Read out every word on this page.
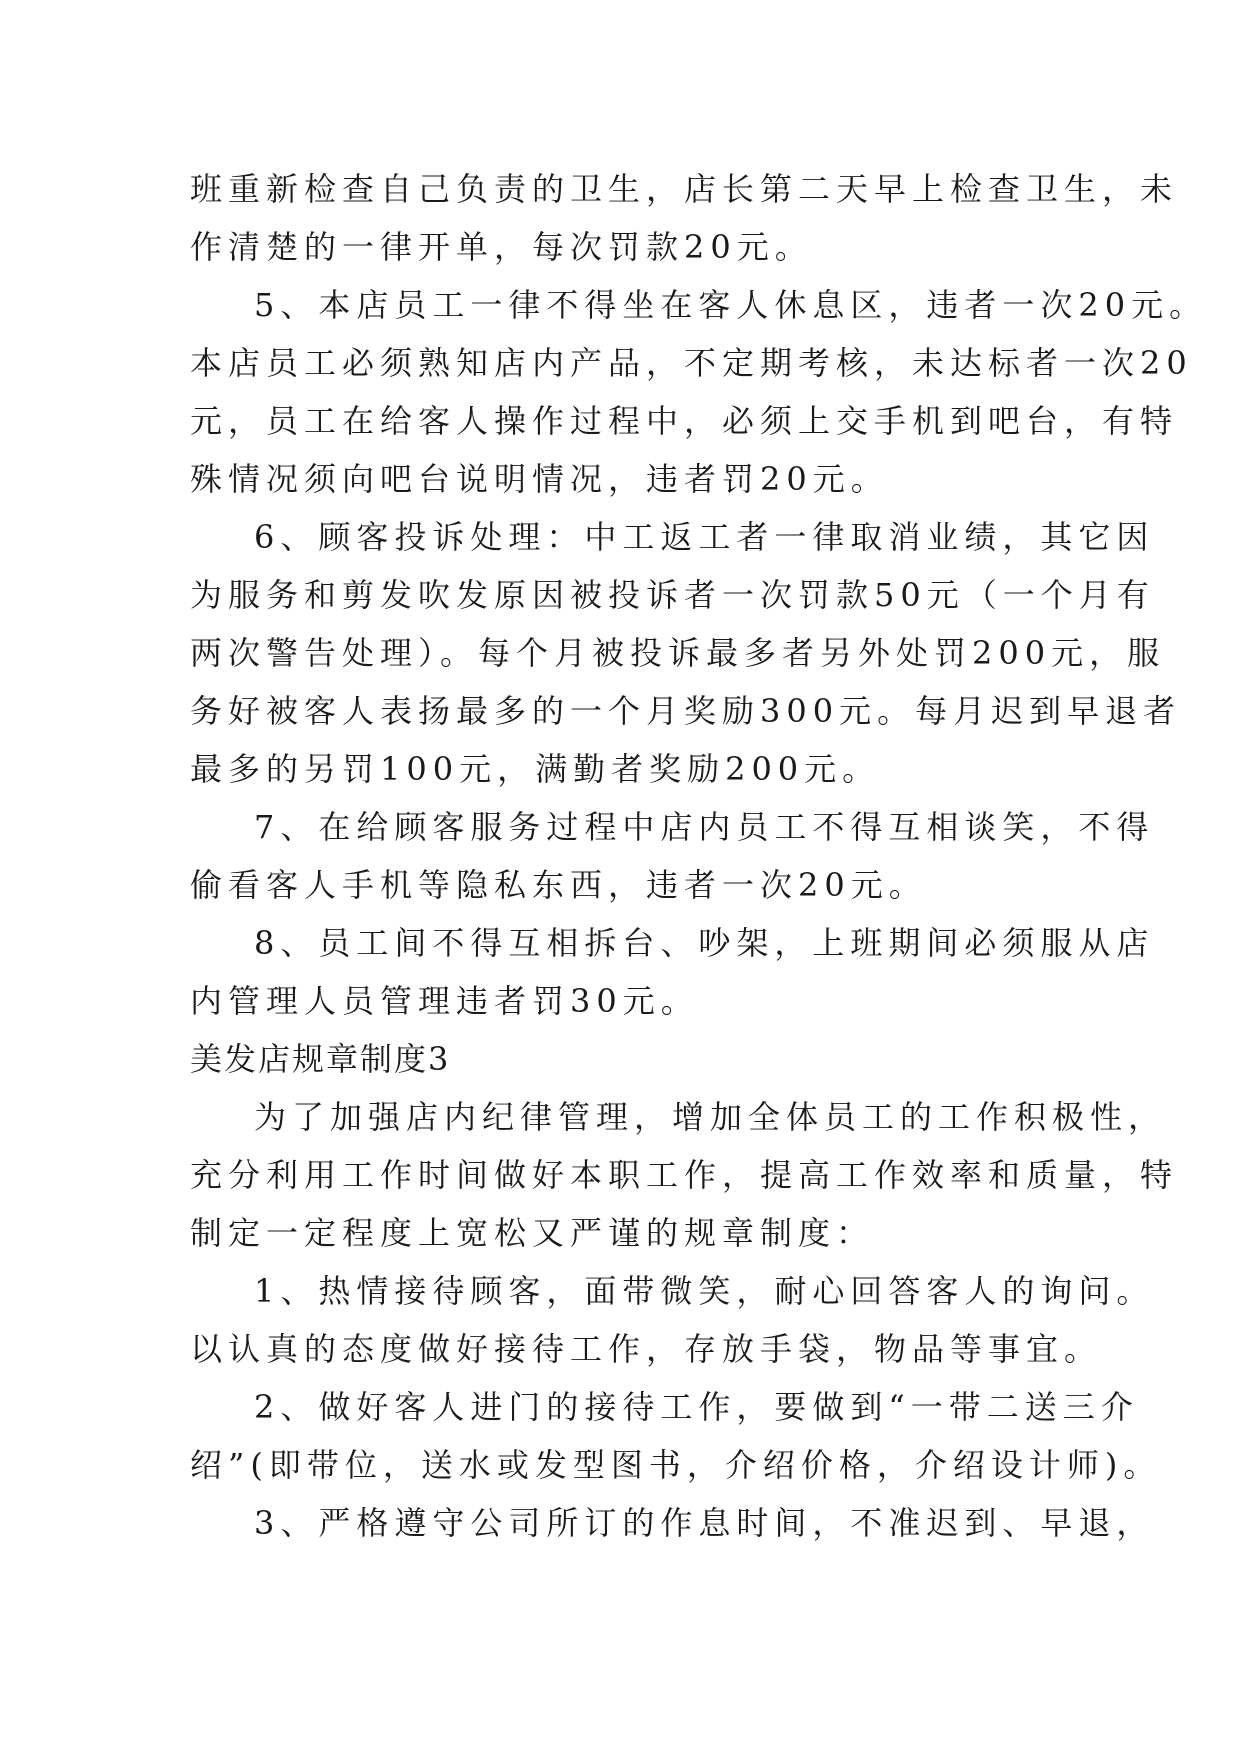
班重新检查自己负责的卫生，店长第二天早上检查卫生，未
作清楚的一律开单，每次罚款20元。
5、本店员工一律不得坐在客人休息区，违者一次20元。
本店员工必须熟知店内产品，不定期考核，未达标者一次20
元，员工在给客人操作过程中，必须上交手机到吧台，有特
殊情况须向吧台说明情况，违者罚20元。
6、顾客投诉处理：中工返工者一律取消业绩，其它因
为服务和剪发吹发原因被投诉者一次罚款50元（一个月有
两次警告处理）。每个月被投诉最多者另外处罚200元，服
务好被客人表扬最多的一个月奖励300元。每月迟到早退者
最多的另罚100元，满勤者奖励200元。
7、在给顾客服务过程中店内员工不得互相谈笑，不得
偷看客人手机等隐私东西，违者一次20元。
8、员工间不得互相拆台、吵架，上班期间必须服从店
内管理人员管理违者罚30元。
美发店规章制度3
为了加强店内纪律管理，增加全体员工的工作积极性，
充分利用工作时间做好本职工作，提高工作效率和质量，特
制定一定程度上宽松又严谨的规章制度：
1、热情接待顾客，面带微笑，耐心回答客人的询问。
以认真的态度做好接待工作，存放手袋，物品等事宜。
2、做好客人进门的接待工作，要做到“一带二送三介
绍”(即带位，送水或发型图书，介绍价格，介绍设计师)。
3、严格遵守公司所订的作息时间，不准迟到、早退，
